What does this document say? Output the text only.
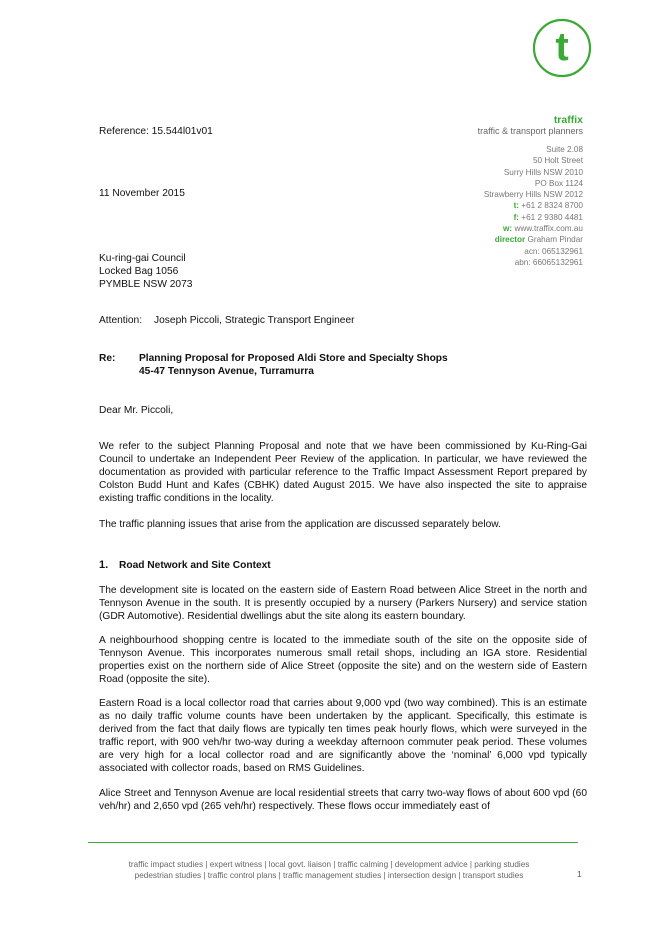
t
traffix
traffic & transport planners
Suite 2.08
50 Holt Street
Surry Hills NSW 2010
PO Box 1124
Strawberry Hills NSW 2012
t: +61 2 8324 8700
f: +61 2 9380 4481
w: www.traffix.com.au
director Graham Pindar
acn: 065132961
abn: 66065132961
Reference: 15.544l01v01
11 November 2015
Ku-ring-gai Council
Locked Bag 1056
PYMBLE NSW 2073
Attention: Joseph Piccoli, Strategic Transport Engineer
Re: Planning Proposal for Proposed Aldi Store and Specialty Shops
45-47 Tennyson Avenue, Turramurra
Dear Mr. Piccoli,

We refer to the subject Planning Proposal and note that we have been commissioned by Ku-Ring-Gai Council to undertake an Independent Peer Review of the application. In particular, we have reviewed the documentation as provided with particular reference to the Traffic Impact Assessment Report prepared by Colston Budd Hunt and Kafes (CBHK) dated August 2015. We have also inspected the site to appraise existing traffic conditions in the locality.

The traffic planning issues that arise from the application are discussed separately below.

1. Road Network and Site Context

The development site is located on the eastern side of Eastern Road between Alice Street in the north and Tennyson Avenue in the south. It is presently occupied by a nursery (Parkers Nursery) and service station (GDR Automotive). Residential dwellings abut the site along its eastern boundary.

A neighbourhood shopping centre is located to the immediate south of the site on the opposite side of Tennyson Avenue. This incorporates numerous small retail shops, including an IGA store. Residential properties exist on the northern side of Alice Street (opposite the site) and on the western side of Eastern Road (opposite the site).

Eastern Road is a local collector road that carries about 9,000 vpd (two way combined). This is an estimate as no daily traffic volume counts have been undertaken by the applicant. Specifically, this estimate is derived from the fact that daily flows are typically ten times peak hourly flows, which were surveyed in the traffic report, with 900 veh/hr two-way during a weekday afternoon commuter peak period. These volumes are very high for a local collector road and are significantly above the ‘nominal’ 6,000 vpd typically associated with collector roads, based on RMS Guidelines.

Alice Street and Tennyson Avenue are local residential streets that carry two-way flows of about 600 vpd (60 veh/hr) and 2,650 vpd (265 veh/hr) respectively. These flows occur immediately east of

traffic impact studies | expert witness | local govt. liaison | traffic calming | development advice | parking studies
pedestrian studies | traffic control plans | traffic management studies | intersection design | transport studies	1
